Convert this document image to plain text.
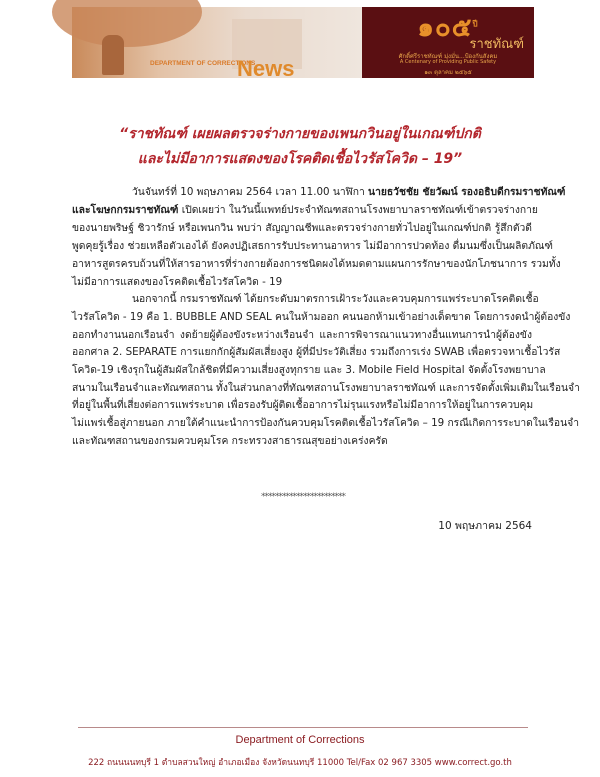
DEPARTMENT OF CORRECTIONS
News
๑๐๕$^{ปี}$
ราชทัณฑ์
ศักดิ์ศรีราชทัณฑ์ มุ่งมั่น...ป้องกันสังคม
A Centenary of Providing Public Safety
๑๓ ตุลาคม ๒๕๖๕
“ราชทัณฑ์ เผยผลตรวจร่างกายของเพนกวินอยู่ในเกณฑ์ปกติ
และไม่มีอาการแสดงของโรคติดเชื้อไวรัสโควิด – 19”
วันจันทร์ที่ 10 พฤษภาคม 2564 เวลา 11.00 นาฬิกา นายธวัชชัย ชัยวัฒน์ รองอธิบดีกรมราชทัณฑ์
และโฆษกกรมราชทัณฑ์ เปิดเผยว่า ในวันนี้แพทย์ประจำทัณฑสถานโรงพยาบาลราชทัณฑ์เข้าตรวจร่างกาย
ของนายพริษฐ์ ชิวารักษ์ หรือเพนกวิน พบว่า สัญญาณชีพและตรวจร่างกายทั่วไปอยู่ในเกณฑ์ปกติ รู้สึกตัวดี
พูดคุยรู้เรื่อง ช่วยเหลือตัวเองได้ ยังคงปฏิเสธการรับประทานอาหาร ไม่มีอาการปวดท้อง ดื่มนมซึ่งเป็นผลิตภัณฑ์
อาหารสูตรครบถ้วนที่ให้สารอาหารที่ร่างกายต้องการชนิดผงได้หมดตามแผนการรักษาของนักโภชนาการ รวมทั้ง
ไม่มีอาการแสดงของโรคติดเชื้อไวรัสโควิด - 19
นอกจากนี้ กรมราชทัณฑ์ ได้ยกระดับมาตรการเฝ้าระวังและควบคุมการแพร่ระบาดโรคติดเชื้อ
ไวรัสโควิด - 19 คือ 1. BUBBLE AND SEAL คนในห้ามออก คนนอกห้ามเข้าอย่างเด็ดขาด โดยการงดนำผู้ต้องขัง
ออกทำงานนอกเรือนจำ งดย้ายผู้ต้องขังระหว่างเรือนจำ และการพิจารณาแนวทางอื่นแทนการนำผู้ต้องขัง
ออกศาล 2. SEPARATE การแยกกักผู้สัมผัสเสี่ยงสูง ผู้ที่มีประวัติเสี่ยง รวมถึงการเร่ง SWAB เพื่อตรวจหาเชื้อไวรัส
โควิด-19 เชิงรุกในผู้สัมผัสใกล้ชิดที่มีความเสี่ยงสูงทุกราย และ 3. Mobile Field Hospital จัดตั้งโรงพยาบาล
สนามในเรือนจำและทัณฑสถาน ทั้งในส่วนกลางที่ทัณฑสถานโรงพยาบาลราชทัณฑ์ และการจัดตั้งเพิ่มเติมในเรือนจำ
ที่อยู่ในพื้นที่เสี่ยงต่อการแพร่ระบาด เพื่อรองรับผู้ติดเชื้ออาการไม่รุนแรงหรือไม่มีอาการให้อยู่ในการควบคุม
ไม่แพร่เชื้อสู่ภายนอก ภายใต้คำแนะนำการป้องกันควบคุมโรคติดเชื้อไวรัสโควิด – 19 กรณีเกิดการระบาดในเรือนจำ
และทัณฑสถานของกรมควบคุมโรค กระทรวงสาธารณสุขอย่างเคร่งครัด
************************
10 พฤษภาคม 2564
Department of Corrections
222 ถนนนนทบุรี 1 ตำบลสวนใหญ่ อำเภอเมือง จังหวัดนนทบุรี 11000 Tel/Fax 02 967 3305 www.correct.go.th
